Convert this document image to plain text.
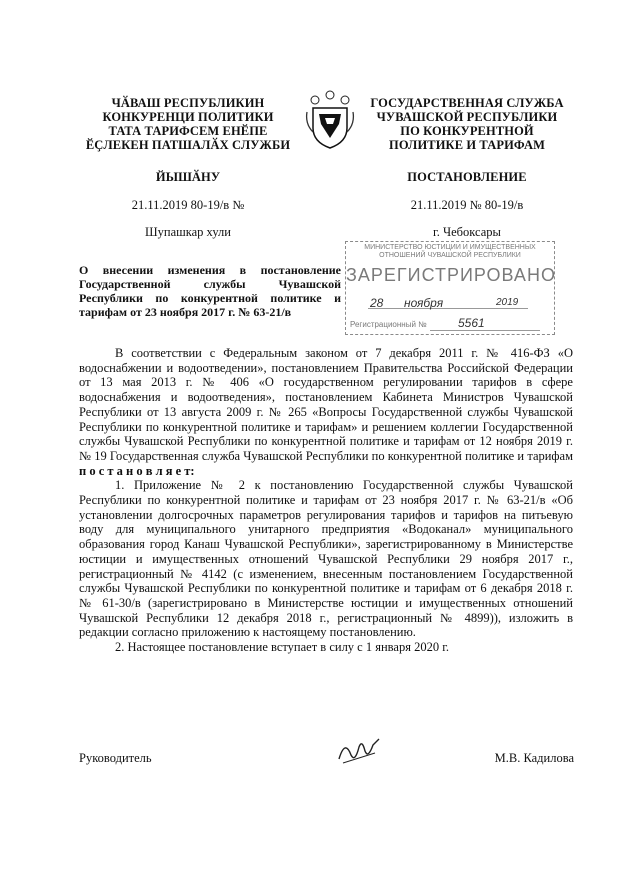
ЧӐВАШ РЕСПУБЛИКИН
КОНКУРЕНЦИ ПОЛИТИКИ
ТАТА ТАРИФСЕМ ЕНӖПЕ
ӖҪЛЕКЕН ПАТШАЛӐХ СЛУЖБИ
ЙЫШӐНУ
21.11.2019 80-19/в №
Шупашкар хули
ГОСУДАРСТВЕННАЯ СЛУЖБА
ЧУВАШСКОЙ РЕСПУБЛИКИ
ПО КОНКУРЕНТНОЙ
ПОЛИТИКЕ И ТАРИФАМ
ПОСТАНОВЛЕНИЕ
21.11.2019 № 80-19/в
г. Чебоксары
МИНИСТЕРСТВО ЮСТИЦИИ И ИМУЩЕСТВЕННЫХ ОТНОШЕНИЙ ЧУВАШСКОЙ РЕСПУБЛИКИ
ЗАРЕГИСТРИРОВАНО
28 ноября	2019
Регистрационный №	5561
О внесении изменения в постановление Государственной службы Чувашской Республики по конкурентной политике и тарифам от 23 ноября 2017 г. № 63-21/в

В соответствии с Федеральным законом от 7 декабря 2011 г. № 416-ФЗ «О водоснабжении и водоотведении», постановлением Правительства Российской Федерации от 13 мая 2013 г. № 406 «О государственном регулировании тарифов в сфере водоснабжения и водоотведения», постановлением Кабинета Министров Чувашской Республики от 13 августа 2009 г. № 265 «Вопросы Государственной службы Чувашской Республики по конкурентной политике и тарифам» и решением коллегии Государственной службы Чувашской Республики по конкурентной политике и тарифам от 12 ноября 2019 г. № 19 Государственная служба Чувашской Республики по конкурентной политике и тарифам п о с т а н о в л я е т:

1. Приложение № 2 к постановлению Государственной службы Чувашской Республики по конкурентной политике и тарифам от 23 ноября 2017 г. № 63-21/в «Об установлении долгосрочных параметров регулирования тарифов и тарифов на питьевую воду для муниципального унитарного предприятия «Водоканал» муниципального образования город Канаш Чувашской Республики», зарегистрированному в Министерстве юстиции и имущественных отношений Чувашской Республики 29 ноября 2017 г., регистрационный № 4142 (с изменением, внесенным постановлением Государственной службы Чувашской Республики по конкурентной политике и тарифам от 6 декабря 2018 г. № 61-30/в (зарегистрировано в Министерстве юстиции и имущественных отношений Чувашской Республики 12 декабря 2018 г., регистрационный № 4899)), изложить в редакции согласно приложению к настоящему постановлению.

2. Настоящее постановление вступает в силу с 1 января 2020 г.

Руководитель	М.В. Кадилова
